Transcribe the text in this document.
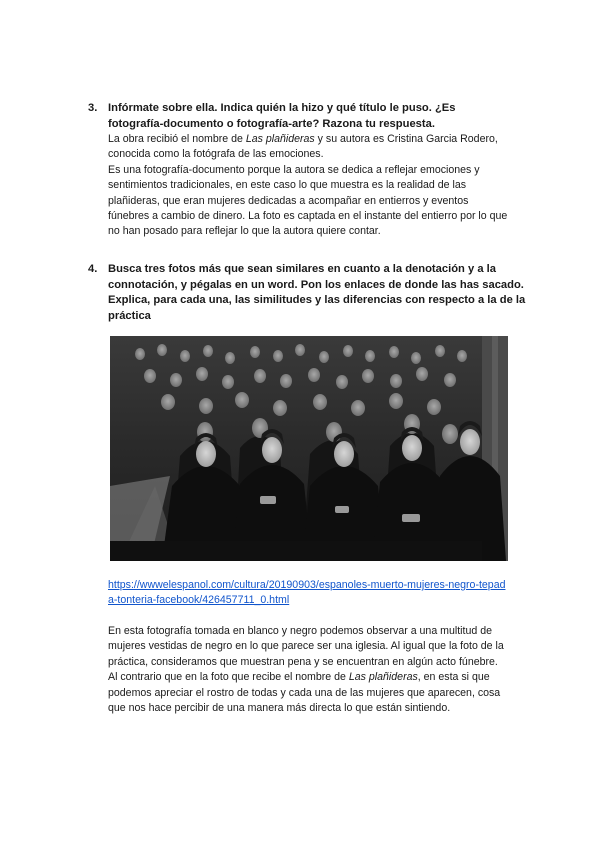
3. Infórmate sobre ella. Indica quién la hizo y qué título le puso. ¿Es
fotografía-documento o fotografía-arte? Razona tu respuesta.
La obra recibió el nombre de Las plañideras y su autora es Cristina Garcia Rodero,
conocida como la fotógrafa de las emociones.
Es una fotografía-documento porque la autora se dedica a reflejar emociones y
sentimientos tradicionales, en este caso lo que muestra es la realidad de las
plañideras, que eran mujeres dedicadas a acompañar en entierros y eventos
fúnebres a cambio de dinero. La foto es captada en el instante del entierro por lo que
no han posado para reflejar lo que la autora quiere contar.
4. Busca tres fotos más que sean similares en cuanto a la denotación y a la
connotación, y pégalas en un word. Pon los enlaces de donde las has sacado.
Explica, para cada una, las similitudes y las diferencias con respecto a la de la
práctica
https://wwwelespanol.com/cultura/20190903/espanoles-muerto-mujeres-negro-tepad
a-tonteria-facebook/426457711_0.html
En esta fotografía tomada en blanco y negro podemos observar a una multitud de
mujeres vestidas de negro en lo que parece ser una iglesia. Al igual que la foto de la
práctica, consideramos que muestran pena y se encuentran en algún acto fúnebre.
Al contrario que en la foto que recibe el nombre de Las plañideras, en esta si que
podemos apreciar el rostro de todas y cada una de las mujeres que aparecen, cosa
que nos hace percibir de una manera más directa lo que están sintiendo.
